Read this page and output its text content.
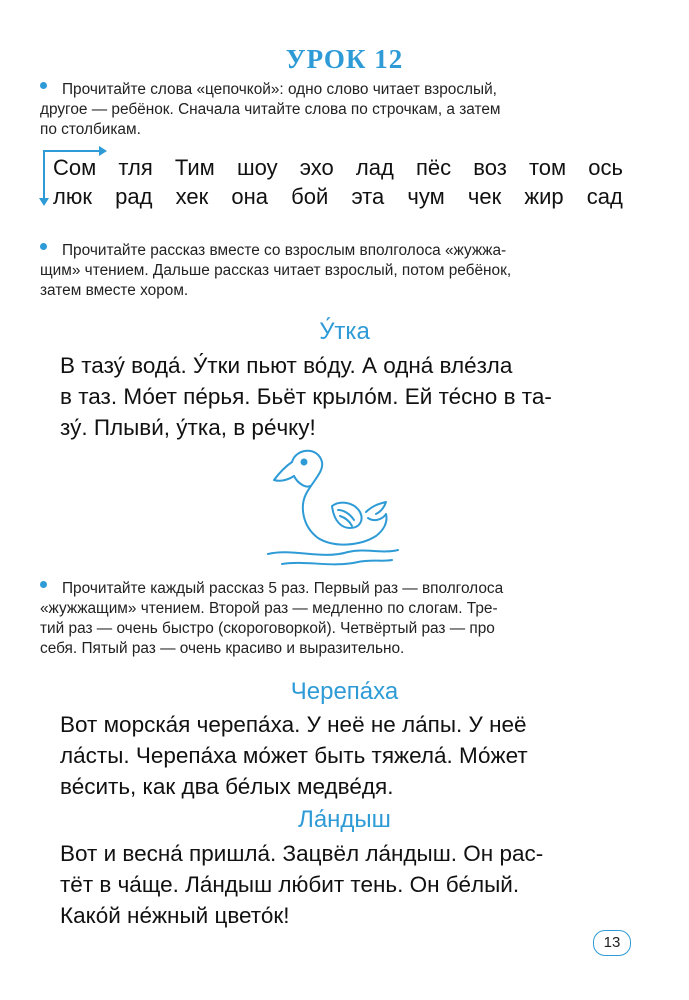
УРОК 12
Прочитайте слова «цепочкой»: одно слово читает взрослый,
другое — ребёнок. Сначала читайте слова по строчкам, а затем
по столбикам.
Сом тля Тим шоу эхо лад пёс воз том ось
люк рад хек она бой эта чум чек жир сад
Прочитайте рассказ вместе со взрослым вполголоса «жужжа-
щим» чтением. Дальше рассказ читает взрослый, потом ребёнок,
затем вместе хором.
У́тка
В тазу́ вода́. У́тки пьют во́ду. А одна́ вле́зла
в таз. Мо́ет пе́рья. Бьёт крыло́м. Ей те́сно в та-
зу́. Плыви́, у́тка, в ре́чку!
Прочитайте каждый рассказ 5 раз. Первый раз — вполголоса
«жужжащим» чтением. Второй раз — медленно по слогам. Тре-
тий раз — очень быстро (скороговоркой). Четвёртый раз — про
себя. Пятый раз — очень красиво и выразительно.
Черепа́ха
Вот морска́я черепа́ха. У неё не ла́пы. У неё
ла́сты. Черепа́ха мо́жет быть тяжела́. Мо́жет
ве́сить, как два бе́лых медве́дя.
Ла́ндыш
Вот и весна́ пришла́. Зацвёл ла́ндыш. Он рас-
тёт в ча́ще. Ла́ндыш лю́бит тень. Он бе́лый.
Како́й не́жный цвето́к!
13
